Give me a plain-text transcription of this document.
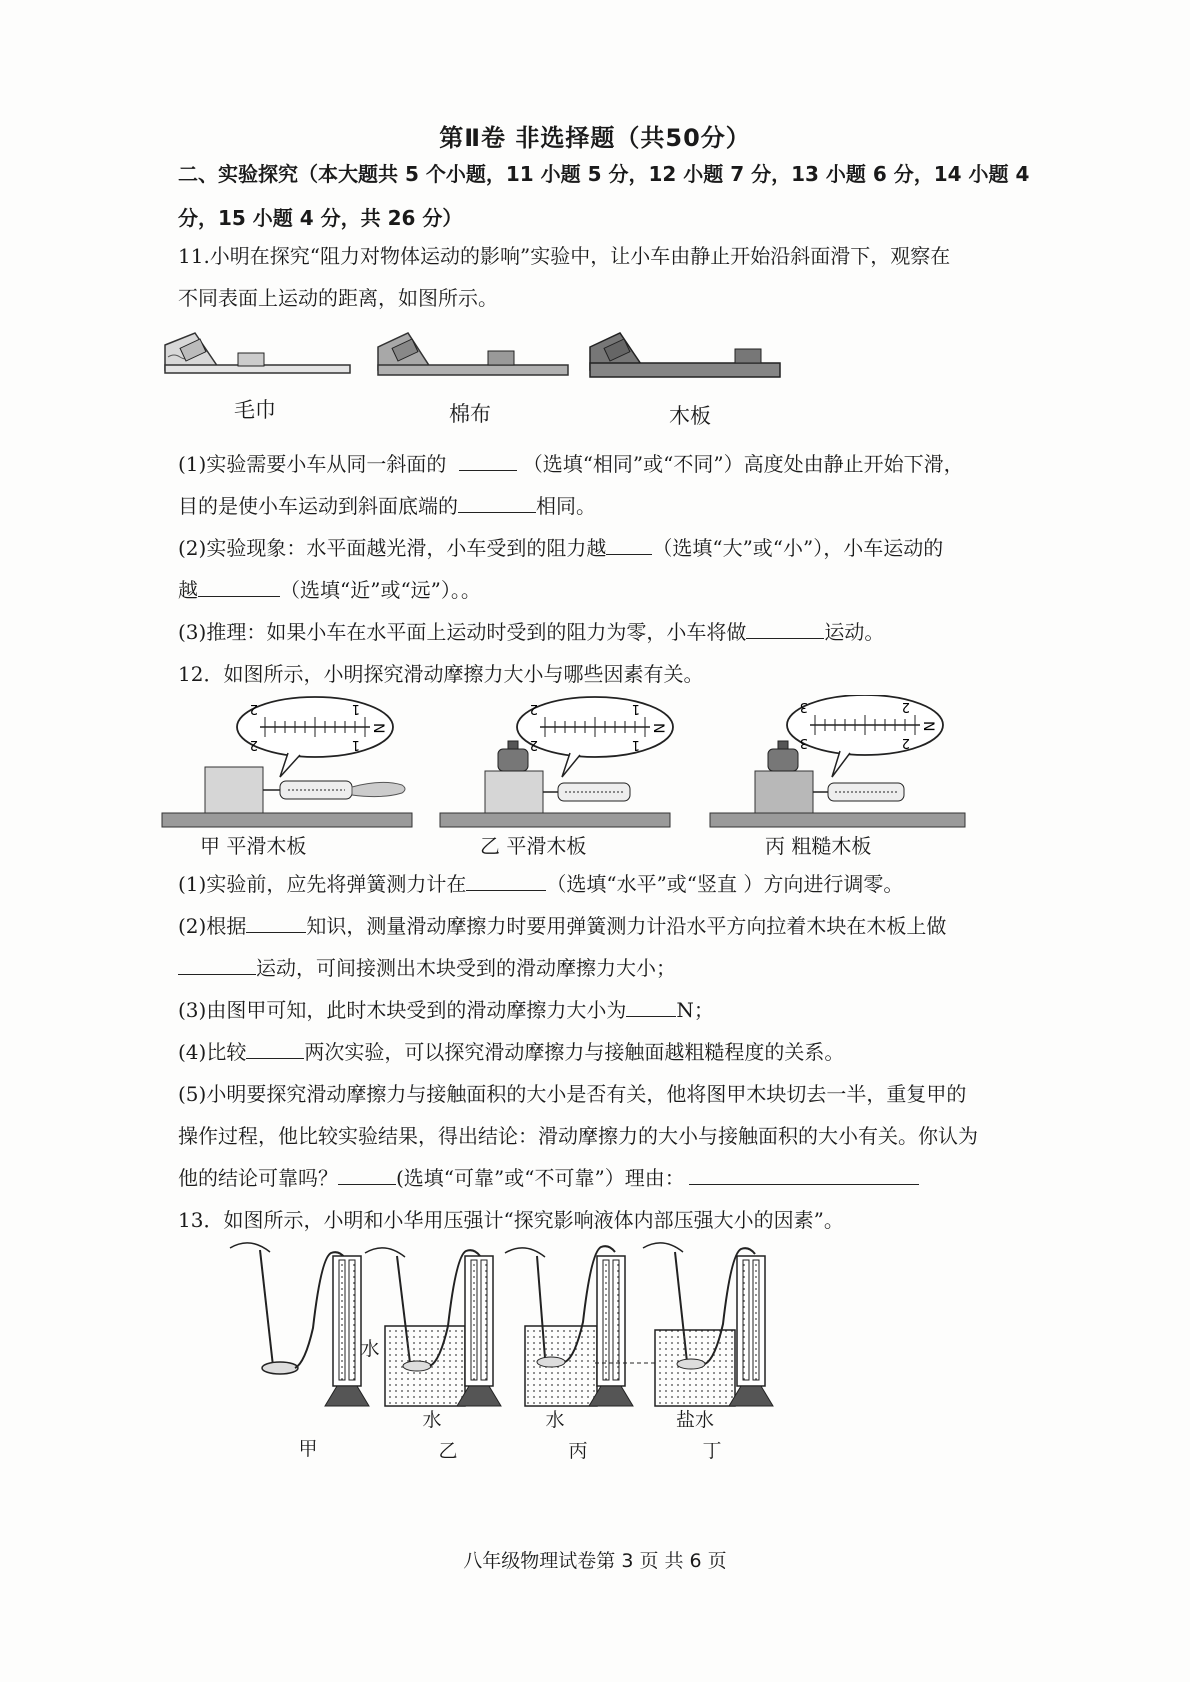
第Ⅱ卷 非选择题（共50分）
二、实验探究（本大题共 5 个小题，11 小题 5 分，12 小题 7 分，13 小题 6 分，14 小题 4
分，15 小题 4 分，共 26 分）
11.小明在探究“阻力对物体运动的影响”实验中，让小车由静止开始沿斜面滑下，观察在
不同表面上运动的距离，如图所示。
毛巾	棉布	木板
(1)实验需要小车从同一斜面的	（选填“相同”或“不同”）高度处由静止开始下滑，
目的是使小车运动到斜面底端的	相同。
(2)实验现象：水平面越光滑，小车受到的阻力越 （选填“大”或“小”），小车运动的
越	（选填“近”或“远”）。。
(3)推理：如果小车在水平面上运动时受到的阻力为零，小车将做	运动。
12．如图所示，小明探究滑动摩擦力大小与哪些因素有关。
2	1
2	1
N
2	1
2	1
N
3	2
3	2
N
甲 平滑木板	乙 平滑木板	丙 粗糙木板
(1)实验前，应先将弹簧测力计在	（选填“水平”或“竖直 ）方向进行调零。
(2)根据	知识，测量滑动摩擦力时要用弹簧测力计沿水平方向拉着木块在木板上做
运动，可间接测出木块受到的滑动摩擦力大小；
(3)由图甲可知，此时木块受到的滑动摩擦力大小为	N；
(4)比较	两次实验，可以探究滑动摩擦力与接触面越粗糙程度的关系。
(5)小明要探究滑动摩擦力与接触面积的大小是否有关，他将图甲木块切去一半，重复甲的
操作过程，他比较实验结果，得出结论：滑动摩擦力的大小与接触面积的大小有关。你认为
他的结论可靠吗？	(选填“可靠”或“不可靠”）理由：
13．如图所示，小明和小华用压强计“探究影响液体内部压强大小的因素”。
水
水	水	盐水
甲	乙	丙	丁
八年级物理试卷第 3 页 共 6 页
